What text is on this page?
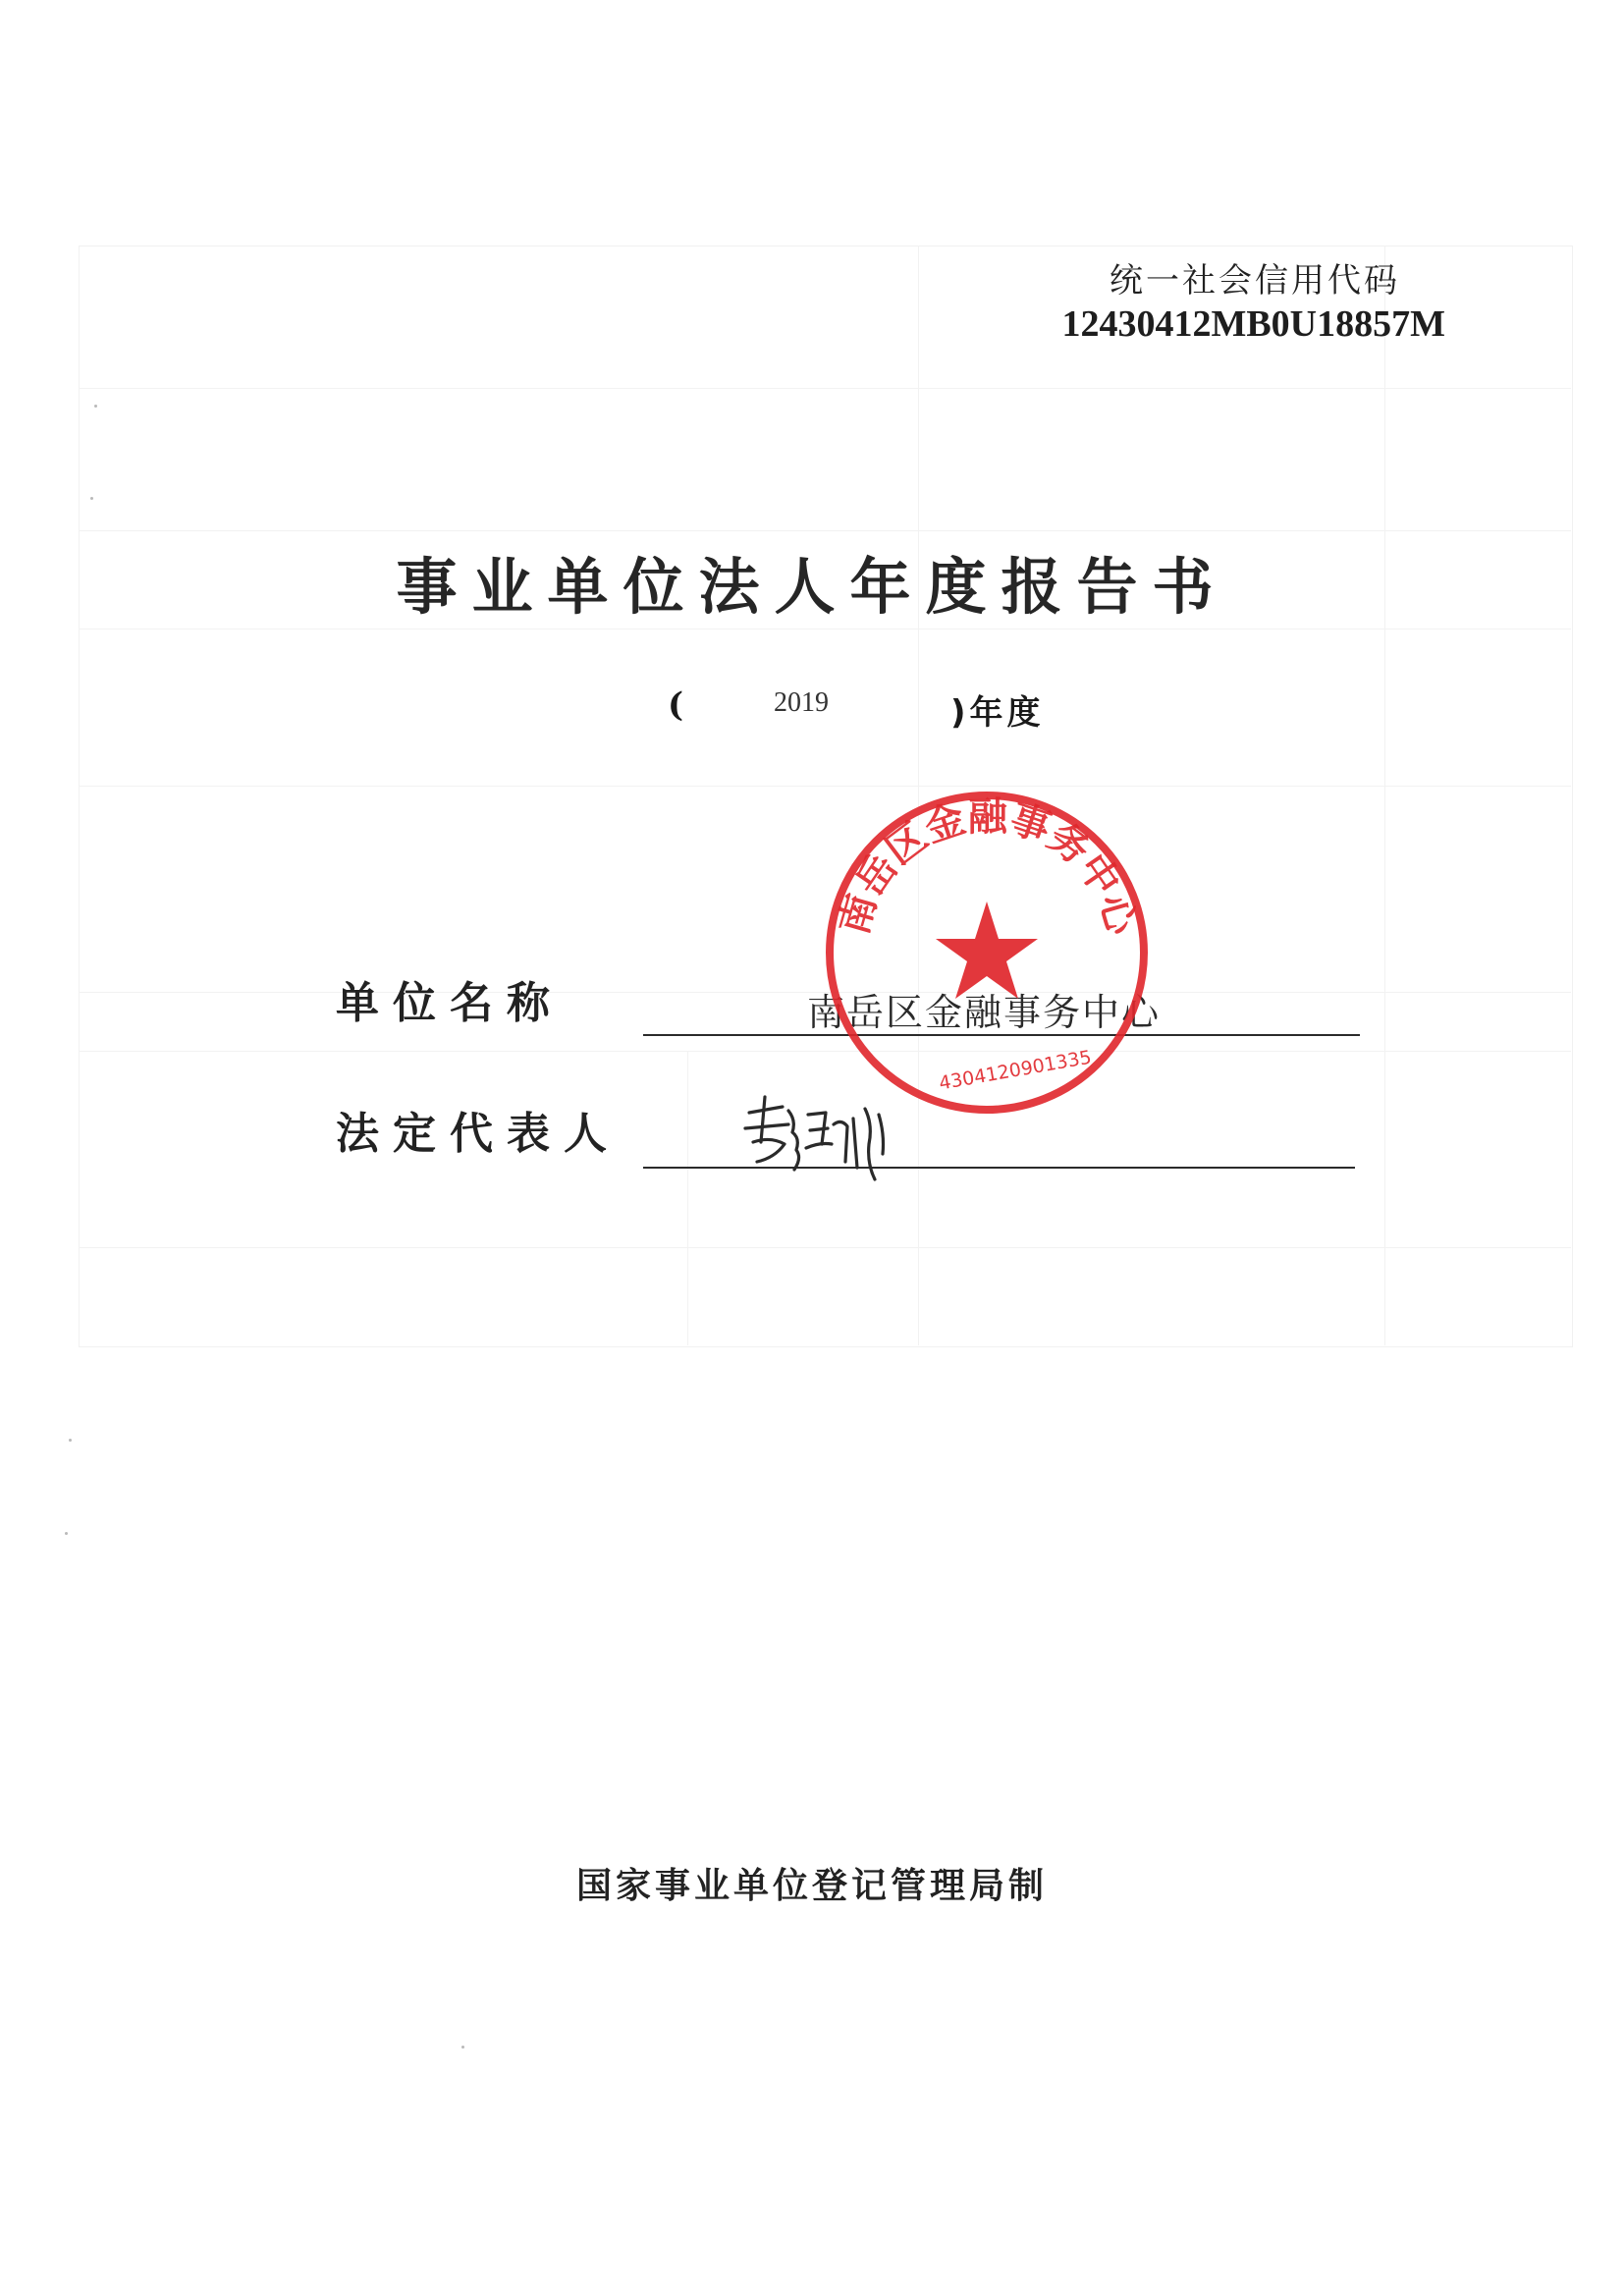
统一社会信用代码
12430412MB0U18857M
事业单位法人年度报告书
(	2019	)年度
单位名称	南岳区金融事务中心
法定代表人
南岳区金融事务中心
4304120901335
国家事业单位登记管理局制
